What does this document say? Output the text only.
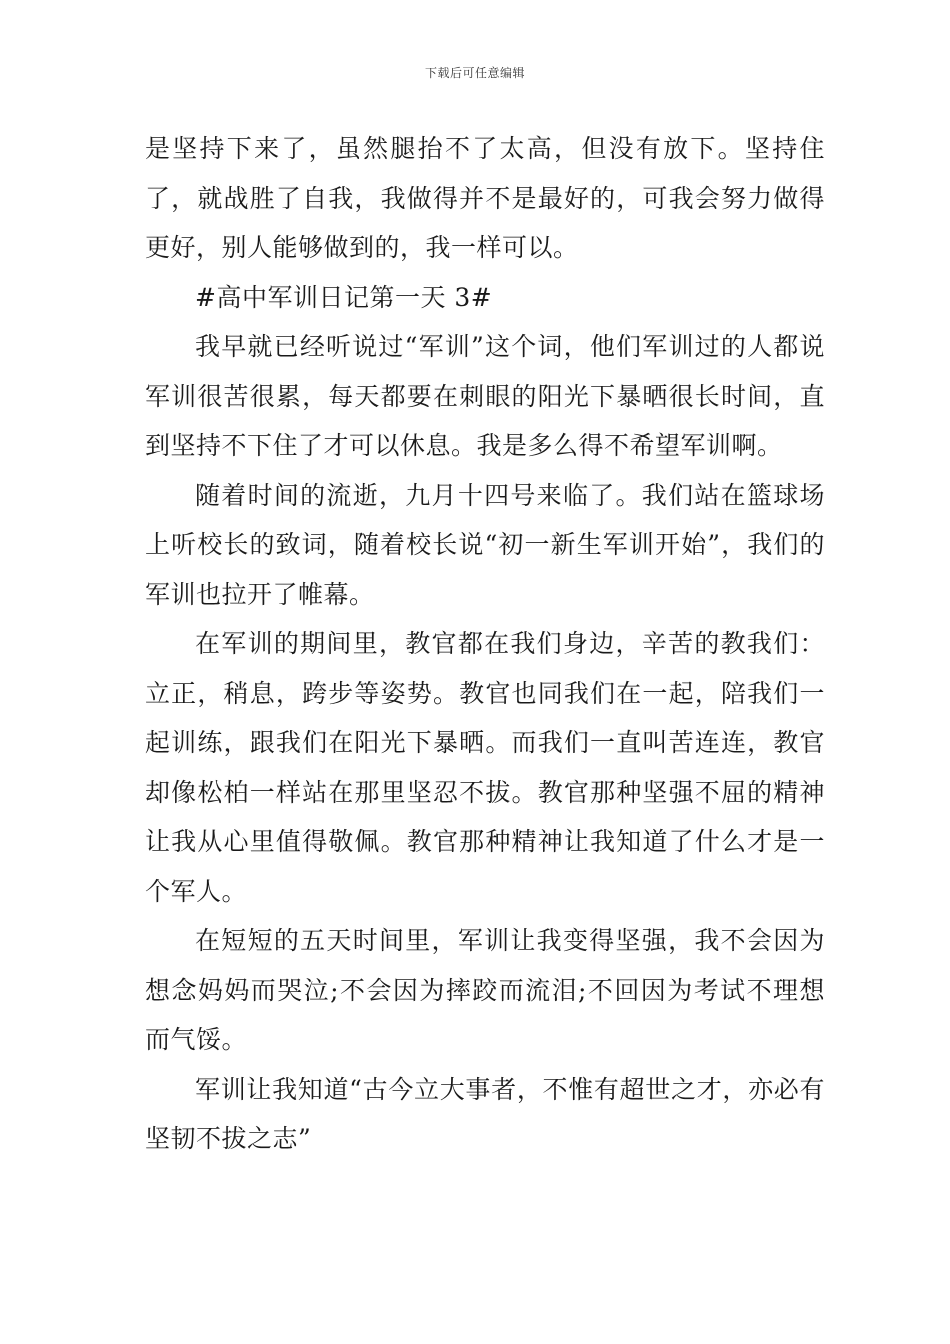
下载后可任意编辑

是坚持下来了，虽然腿抬不了太高，但没有放下。坚持住了，就战胜了自我，我做得并不是最好的，可我会努力做得更好，别人能够做到的，我一样可以。

#高中军训日记第一天 3#

我早就已经听说过“军训”这个词，他们军训过的人都说军训很苦很累，每天都要在刺眼的阳光下暴晒很长时间，直到坚持不下住了才可以休息。我是多么得不希望军训啊。

随着时间的流逝，九月十四号来临了。我们站在篮球场上听校长的致词，随着校长说“初一新生军训开始”，我们的军训也拉开了帷幕。

在军训的期间里，教官都在我们身边，辛苦的教我们：立正，稍息，跨步等姿势。教官也同我们在一起，陪我们一起训练，跟我们在阳光下暴晒。而我们一直叫苦连连，教官却像松柏一样站在那里坚忍不拔。教官那种坚强不屈的精神让我从心里值得敬佩。教官那种精神让我知道了什么才是一个军人。

在短短的五天时间里，军训让我变得坚强，我不会因为想念妈妈而哭泣;不会因为摔跤而流泪;不回因为考试不理想而气馁。

军训让我知道“古今立大事者，不惟有超世之才，亦必有坚韧不拔之志”
